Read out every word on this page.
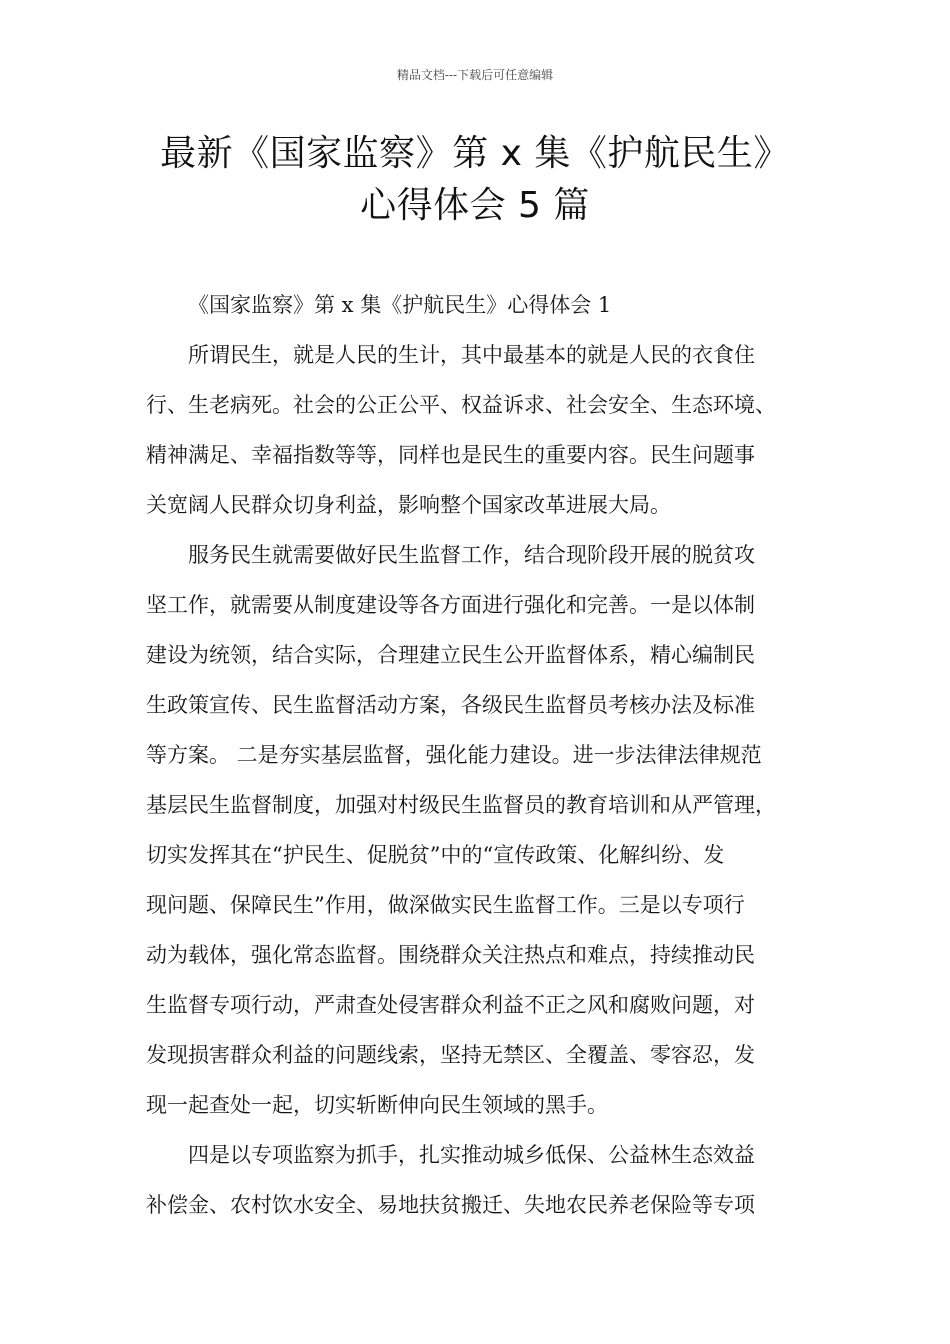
精品文档---下载后可任意编辑
最新《国家监察》第 x 集《护航民生》
心得体会 5 篇
《国家监察》第 x 集《护航民生》心得体会 1
所谓民生，就是人民的生计，其中最基本的就是人民的衣食住
行、生老病死。社会的公正公平、权益诉求、社会安全、生态环境、
精神满足、幸福指数等等，同样也是民生的重要内容。民生问题事
关宽阔人民群众切身利益，影响整个国家改革进展大局。
服务民生就需要做好民生监督工作，结合现阶段开展的脱贫攻
坚工作，就需要从制度建设等各方面进行强化和完善。一是以体制
建设为统领，结合实际，合理建立民生公开监督体系，精心编制民
生政策宣传、民生监督活动方案，各级民生监督员考核办法及标准
等方案。 二是夯实基层监督，强化能力建设。进一步法律法律规范
基层民生监督制度，加强对村级民生监督员的教育培训和从严管理，
切实发挥其在“护民生、促脱贫”中的“宣传政策、化解纠纷、发
现问题、保障民生”作用，做深做实民生监督工作。三是以专项行
动为载体，强化常态监督。围绕群众关注热点和难点，持续推动民
生监督专项行动，严肃查处侵害群众利益不正之风和腐败问题，对
发现损害群众利益的问题线索，坚持无禁区、全覆盖、零容忍，发
现一起查处一起，切实斩断伸向民生领域的黑手。
四是以专项监察为抓手，扎实推动城乡低保、公益林生态效益
补偿金、农村饮水安全、易地扶贫搬迁、失地农民养老保险等专项
